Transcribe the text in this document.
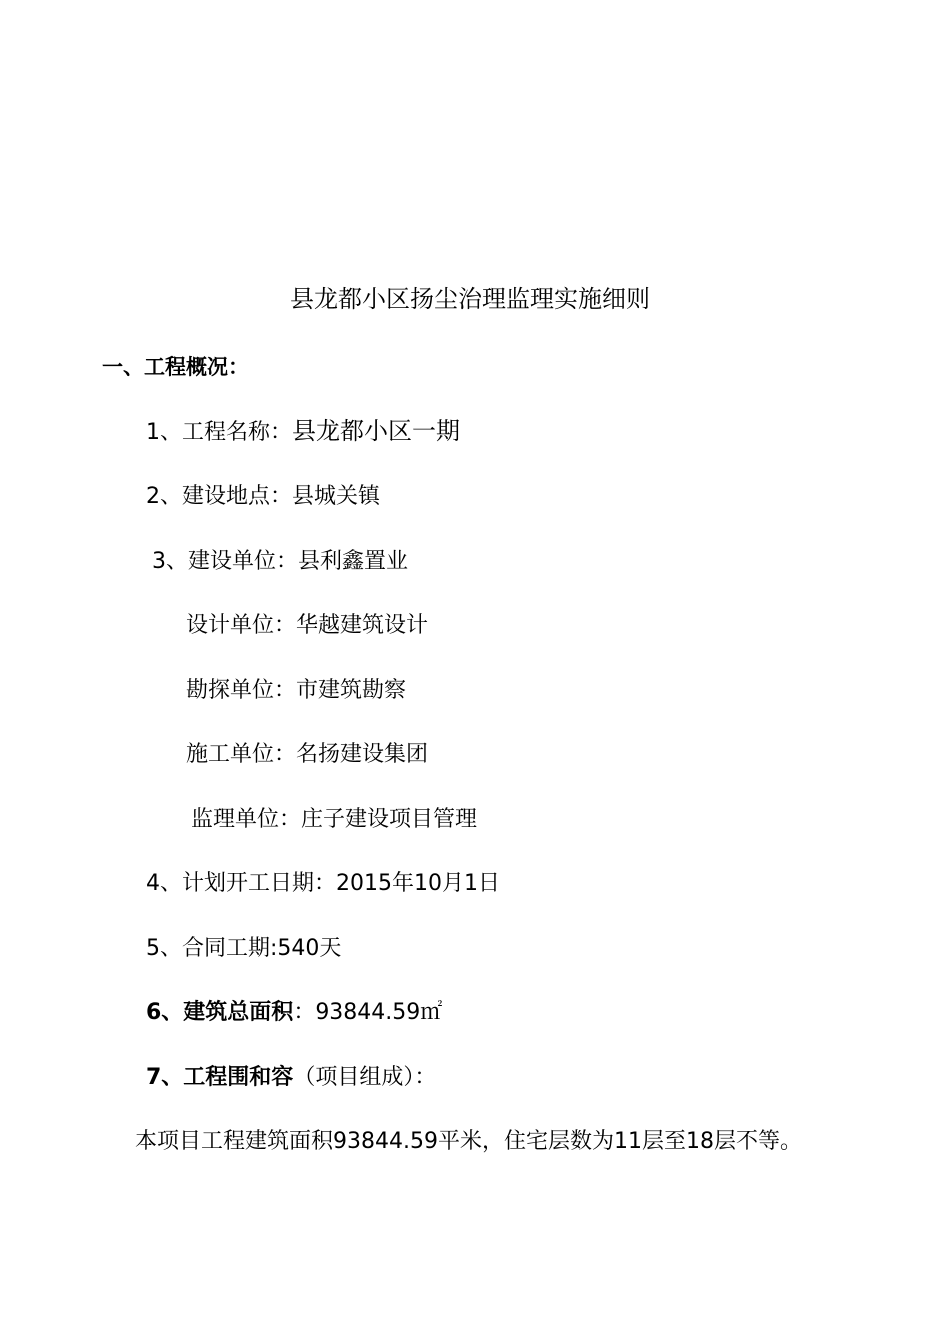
县龙都小区扬尘治理监理实施细则
一、工程概况：
1、工程名称：县龙都小区一期
2、建设地点：县城关镇
3、建设单位：县利鑫置业
设计单位：华越建筑设计
勘探单位：市建筑勘察
施工单位：名扬建设集团
监理单位：庄子建设项目管理
4、计划开工日期：2015年10月1日
5、合同工期:540天
6、建筑总面积：93844.59㎡
7、工程围和容（项目组成）：
本项目工程建筑面积93844.59平米，住宅层数为11层至18层不等。
